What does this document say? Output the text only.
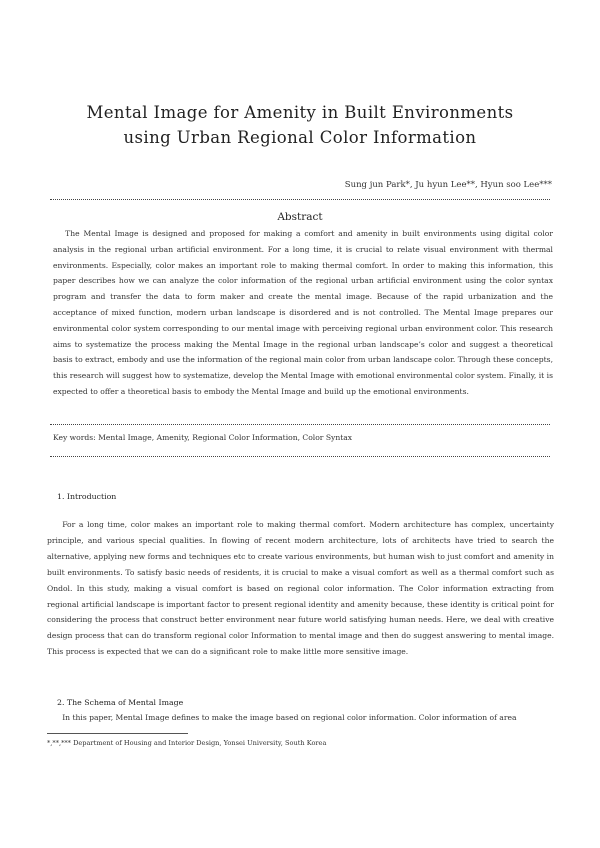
Mental Image for Amenity in Built Environments
using Urban Regional Color Information
Sung jun Park*, Ju hyun Lee**, Hyun soo Lee***
Abstract
The Mental Image is designed and proposed for making a comfort and amenity in built environments using digital color analysis in the regional urban artificial environment. For a long time, it is crucial to relate visual environment with thermal environments. Especially, color makes an important role to making thermal comfort. In order to making this information, this paper describes how we can analyze the color information of the regional urban artificial environment using the color syntax program and transfer the data to form maker and create the mental image. Because of the rapid urbanization and the acceptance of mixed function, modern urban landscape is disordered and is not controlled. The Mental Image prepares our environmental color system corresponding to our mental image with perceiving regional urban environment color. This research aims to systematize the process making the Mental Image in the regional urban landscape’s color and suggest a theoretical basis to extract, embody and use the information of the regional main color from urban landscape color. Through these concepts, this research will suggest how to systematize, develop the Mental Image with emotional environmental color system. Finally, it is expected to offer a theoretical basis to embody the Mental Image and build up the emotional environments.
Key words: Mental Image, Amenity, Regional Color Information, Color Syntax
1. Introduction
For a long time, color makes an important role to making thermal comfort. Modern architecture has complex, uncertainty principle, and various special qualities. In flowing of recent modern architecture, lots of architects have tried to search the alternative, applying new forms and techniques etc to create various environments, but human wish to just comfort and amenity in built environments. To satisfy basic needs of residents, it is crucial to make a visual comfort as well as a thermal comfort such as Ondol. In this study, making a visual comfort is based on regional color information. The Color information extracting from regional artificial landscape is important factor to present regional identity and amenity because, these identity is critical point for considering the process that construct better environment near future world satisfying human needs. Here, we deal with creative design process that can do transform regional color Information to mental image and then do suggest answering to mental image. This process is expected that we can do a significant role to make little more sensitive image.
2. The Schema of Mental Image
In this paper, Mental Image defines to make the image based on regional color information. Color information of area
*,**,*** Department of Housing and Interior Design, Yonsei University, South Korea
